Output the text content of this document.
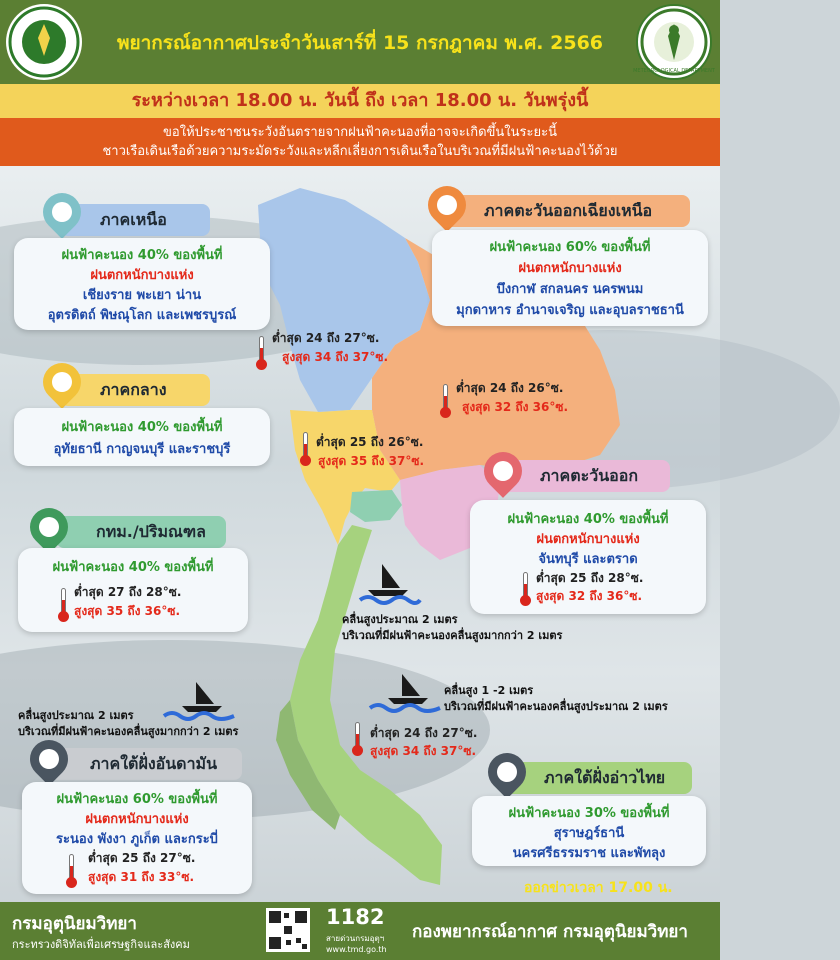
พยากรณ์อากาศประจำวันเสาร์ที่ 15 กรกฎาคม พ.ศ. 2566
METEOROLOGICAL DEPARTMENT
ระหว่างเวลา 18.00 น. วันนี้ ถึง เวลา 18.00 น. วันพรุ่งนี้
ขอให้ประชาชนระวังอันตรายจากฝนฟ้าคะนองที่อาจจะเกิดขึ้นในระยะนี้
ชาวเรือเดินเรือด้วยความระมัดระวังและหลีกเลี่ยงการเดินเรือในบริเวณที่มีฝนฟ้าคะนองไว้ด้วย
ภาคเหนือ
ฝนฟ้าคะนอง 40% ของพื้นที่
ฝนตกหนักบางแห่ง
เชียงราย พะเยา น่าน
อุตรดิตถ์ พิษณุโลก และเพชรบูรณ์
ต่ำสุด 24 ถึง 27°ซ.
สูงสุด 34 ถึง 37°ซ.
ภาคตะวันออกเฉียงเหนือ
ฝนฟ้าคะนอง 60% ของพื้นที่
ฝนตกหนักบางแห่ง
บึงกาฬ สกลนคร นครพนม
มุกดาหาร อำนาจเจริญ และอุบลราชธานี
ต่ำสุด 24 ถึง 26°ซ.
สูงสุด 32 ถึง 36°ซ.
ภาคกลาง
ฝนฟ้าคะนอง 40% ของพื้นที่
อุทัยธานี กาญจนบุรี และราชบุรี	ต่ำสุด 25 ถึง 26°ซ.
สูงสุด 35 ถึง 37°ซ.
ภาคตะวันออก
ฝนฟ้าคะนอง 40% ของพื้นที่
ฝนตกหนักบางแห่ง
จันทบุรี และตราด
ต่ำสุด 25 ถึง 28°ซ.
สูงสุด 32 ถึง 36°ซ.
กทม./ปริมณฑล
ฝนฟ้าคะนอง 40% ของพื้นที่
ต่ำสุด 27 ถึง 28°ซ.
สูงสุด 35 ถึง 36°ซ.
คลื่นสูงประมาณ 2 เมตร
บริเวณที่มีฝนฟ้าคะนองคลื่นสูงมากกว่า 2 เมตร
คลื่นสูง 1 -2 เมตร
บริเวณที่มีฝนฟ้าคะนองคลื่นสูงประมาณ 2 เมตร
คลื่นสูงประมาณ 2 เมตร
บริเวณที่มีฝนฟ้าคะนองคลื่นสูงมากกว่า 2 เมตร
ภาคใต้ฝั่งอันดามัน
ฝนฟ้าคะนอง 60% ของพื้นที่
ฝนตกหนักบางแห่ง
ระนอง พังงา ภูเก็ต และกระบี่
ต่ำสุด 25 ถึง 27°ซ.
สูงสุด 31 ถึง 33°ซ.
ต่ำสุด 24 ถึง 27°ซ.
สูงสุด 34 ถึง 37°ซ.
ภาคใต้ฝั่งอ่าวไทย
ฝนฟ้าคะนอง 30% ของพื้นที่
สุราษฎร์ธานี
นครศรีธรรมราช และพัทลุง
ออกข่าวเวลา 17.00 น.
กรมอุตุนิยมวิทยา
กระทรวงดิจิทัลเพื่อเศรษฐกิจและสังคม
1182
สายด่วนกรมอุตุฯ
www.tmd.go.th
กองพยากรณ์อากาศ กรมอุตุนิยมวิทยา
